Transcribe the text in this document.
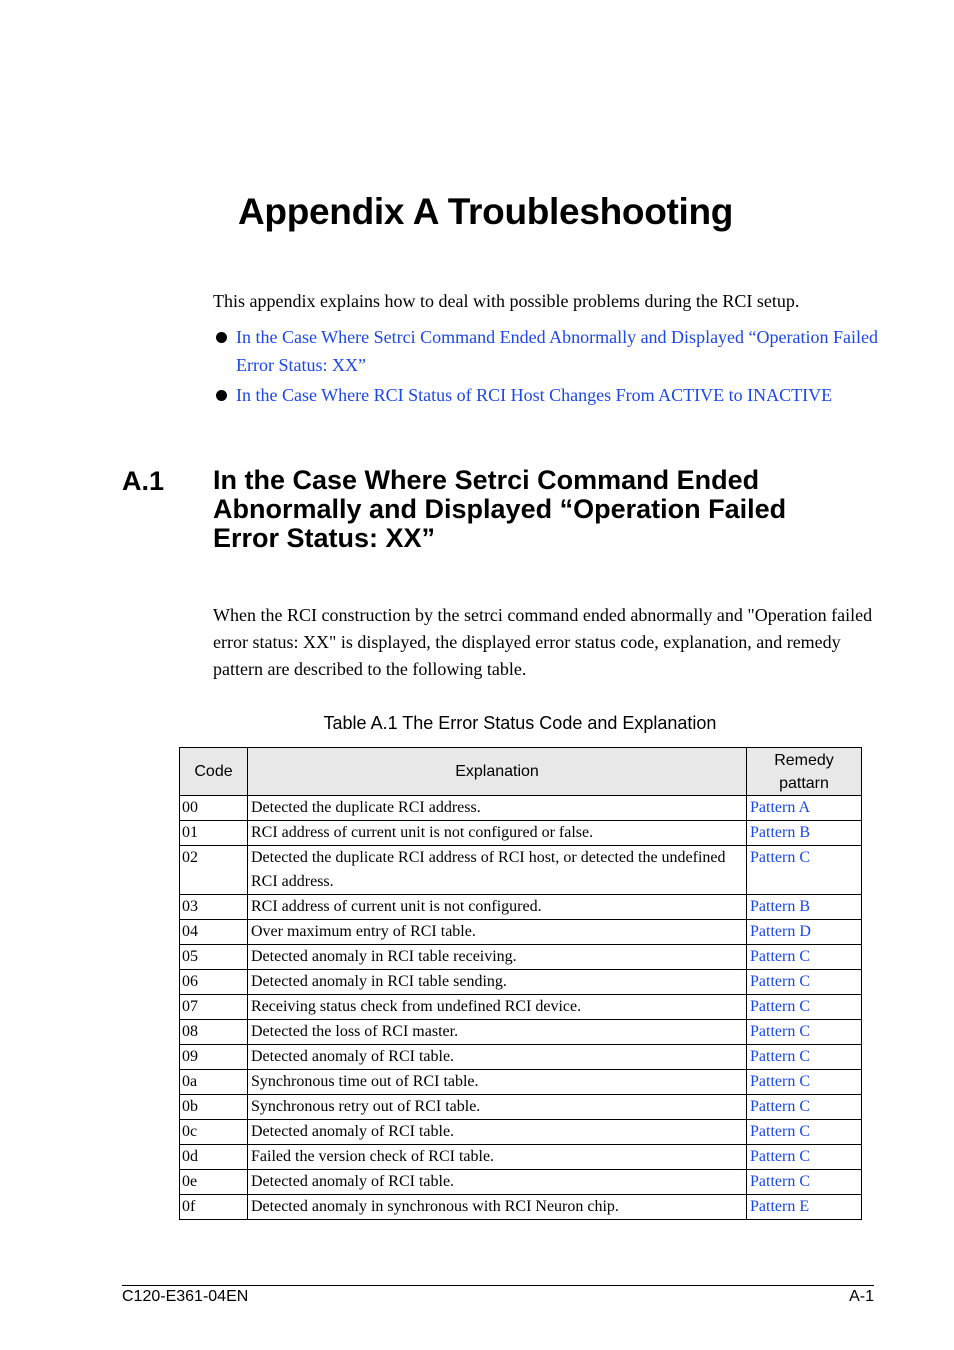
Appendix A Troubleshooting

This appendix explains how to deal with possible problems during the RCI setup.

In the Case Where Setrci Command Ended Abnormally and Displayed “Operation Failed Error Status: XX”
In the Case Where RCI Status of RCI Host Changes From ACTIVE to INACTIVE
A.1 In the Case Where Setrci Command Ended Abnormally and Displayed “Operation Failed Error Status: XX”

When the RCI construction by the setrci command ended abnormally and "Operation failed error status: XX" is displayed, the displayed error status code, explanation, and remedy pattern are described to the following table.

Table A.1 The Error Status Code and Explanation
Code	Explanation	Remedy pattarn
00	Detected the duplicate RCI address.	Pattern A
01	RCI address of current unit is not configured or false.	Pattern B
02	Detected the duplicate RCI address of RCI host, or detected the undefined RCI address.	Pattern C
03	RCI address of current unit is not configured.	Pattern B
04	Over maximum entry of RCI table.	Pattern D
05	Detected anomaly in RCI table receiving.	Pattern C
06	Detected anomaly in RCI table sending.	Pattern C
07	Receiving status check from undefined RCI device.	Pattern C
08	Detected the loss of RCI master.	Pattern C
09	Detected anomaly of RCI table.	Pattern C
0a	Synchronous time out of RCI table.	Pattern C
0b	Synchronous retry out of RCI table.	Pattern C
0c	Detected anomaly of RCI table.	Pattern C
0d	Failed the version check of RCI table.	Pattern C
0e	Detected anomaly of RCI table.	Pattern C
0f	Detected anomaly in synchronous with RCI Neuron chip.	Pattern E
C120-E361-04EN	A-1
